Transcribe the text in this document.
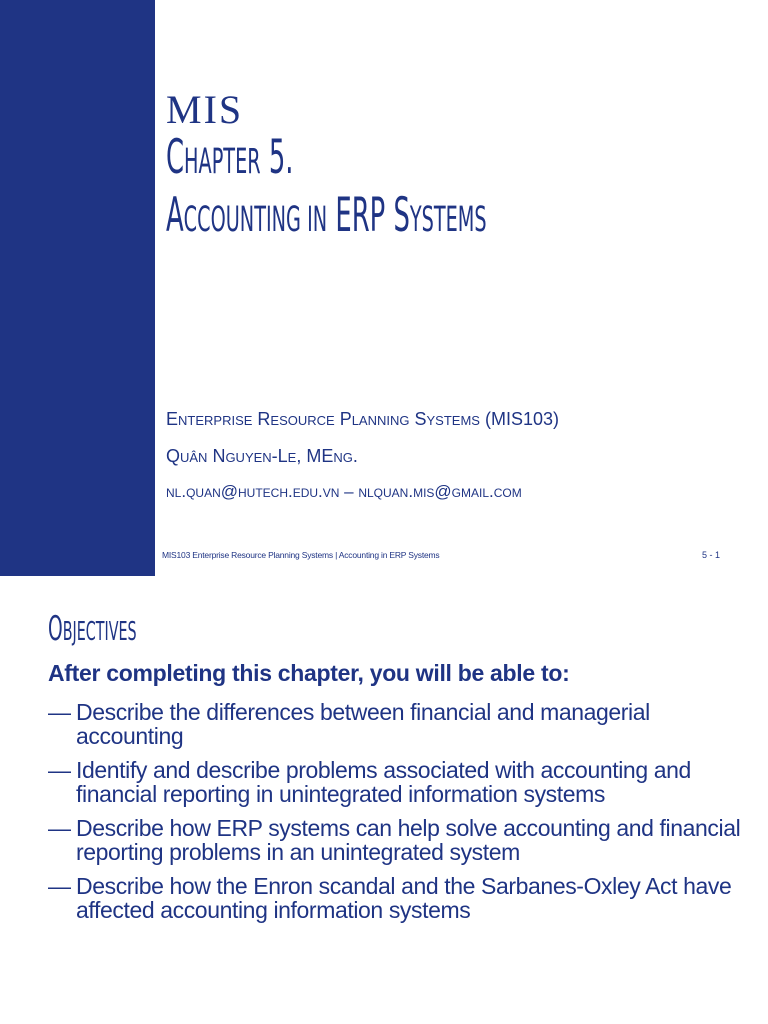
MIS
CHAPTER 5.
ACCOUNTING IN ERP SYSTEMS
Enterprise Resource Planning Systems (MIS103)
Quân Nguyen-Le, MEng.
nl.quan@hutech.edu.vn – nlquan.mis@gmail.com
MIS103 Enterprise Resource Planning Systems | Accounting in ERP Systems	5 - 1
OBJECTIVES
After completing this chapter, you will be able to:
— Describe the differences between financial and managerial accounting
— Identify and describe problems associated with accounting and financial reporting in unintegrated information systems
— Describe how ERP systems can help solve accounting and financial reporting problems in an unintegrated system
— Describe how the Enron scandal and the Sarbanes-Oxley Act have affected accounting information systems
